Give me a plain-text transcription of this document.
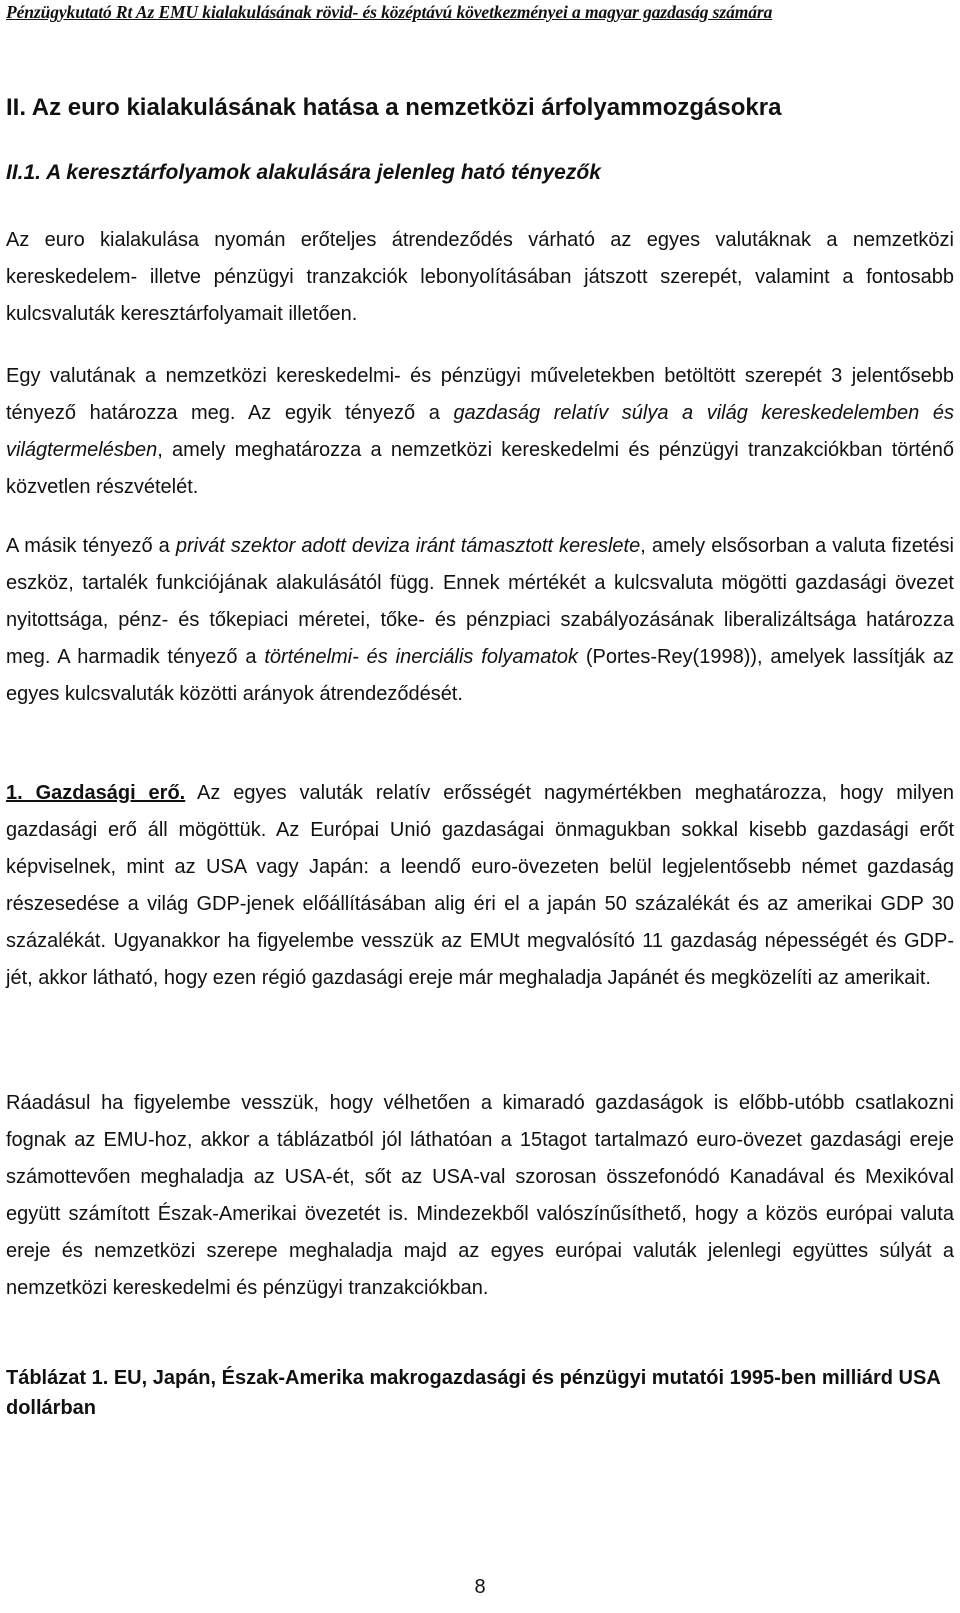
Pénzügykutató Rt Az EMU kialakulásának rövid- és középtávú következményei a magyar gazdaság számára
II. Az euro kialakulásának hatása a nemzetközi árfolyammozgásokra
II.1. A keresztárfolyamok alakulására jelenleg ható tényezők
Az euro kialakulása nyomán erőteljes átrendeződés várható az egyes valutáknak a nemzetközi kereskedelem- illetve pénzügyi tranzakciók lebonyolításában játszott szerepét, valamint a fontosabb kulcsvaluták keresztárfolyamait illetően.
Egy valutának a nemzetközi kereskedelmi- és pénzügyi műveletekben betöltött szerepét 3 jelentősebb tényező határozza meg. Az egyik tényező a gazdaság relatív súlya a világ kereskedelemben és világtermelésben, amely meghatározza a nemzetközi kereskedelmi és pénzügyi tranzakciókban történő közvetlen részvételét.
A másik tényező a privát szektor adott deviza iránt támasztott kereslete, amely elsősorban a valuta fizetési eszköz, tartalék funkciójának alakulásától függ. Ennek mértékét a kulcsvaluta mögötti gazdasági övezet nyitottsága, pénz- és tőkepiaci méretei, tőke- és pénzpiaci szabályozásának liberalizáltsága határozza meg. A harmadik tényező a történelmi- és inerciális folyamatok (Portes-Rey(1998)), amelyek lassítják az egyes kulcsvaluták közötti arányok átrendeződését.
1. Gazdasági erő. Az egyes valuták relatív erősségét nagymértékben meghatározza, hogy milyen gazdasági erő áll mögöttük. Az Európai Unió gazdaságai önmagukban sokkal kisebb gazdasági erőt képviselnek, mint az USA vagy Japán: a leendő euro-övezeten belül legjelentősebb német gazdaság részesedése a világ GDP-jenek előállításában alig éri el a japán 50 százalékát és az amerikai GDP 30 százalékát. Ugyanakkor ha figyelembe vesszük az EMUt megvalósító 11 gazdaság népességét és GDP-jét, akkor látható, hogy ezen régió gazdasági ereje már meghaladja Japánét és megközelíti az amerikait.
Ráadásul ha figyelembe vesszük, hogy vélhetően a kimaradó gazdaságok is előbb-utóbb csatlakozni fognak az EMU-hoz, akkor a táblázatból jól láthatóan a 15tagot tartalmazó euro-övezet gazdasági ereje számottevően meghaladja az USA-ét, sőt az USA-val szorosan összefonódó Kanadával és Mexikóval együtt számított Észak-Amerikai övezetét is. Mindezekből valószínűsíthető, hogy a közös európai valuta ereje és nemzetközi szerepe meghaladja majd az egyes európai valuták jelenlegi együttes súlyát a nemzetközi kereskedelmi és pénzügyi tranzakciókban.
Táblázat 1. EU, Japán, Észak-Amerika makrogazdasági és pénzügyi mutatói 1995-ben milliárd USA dollárban
8
